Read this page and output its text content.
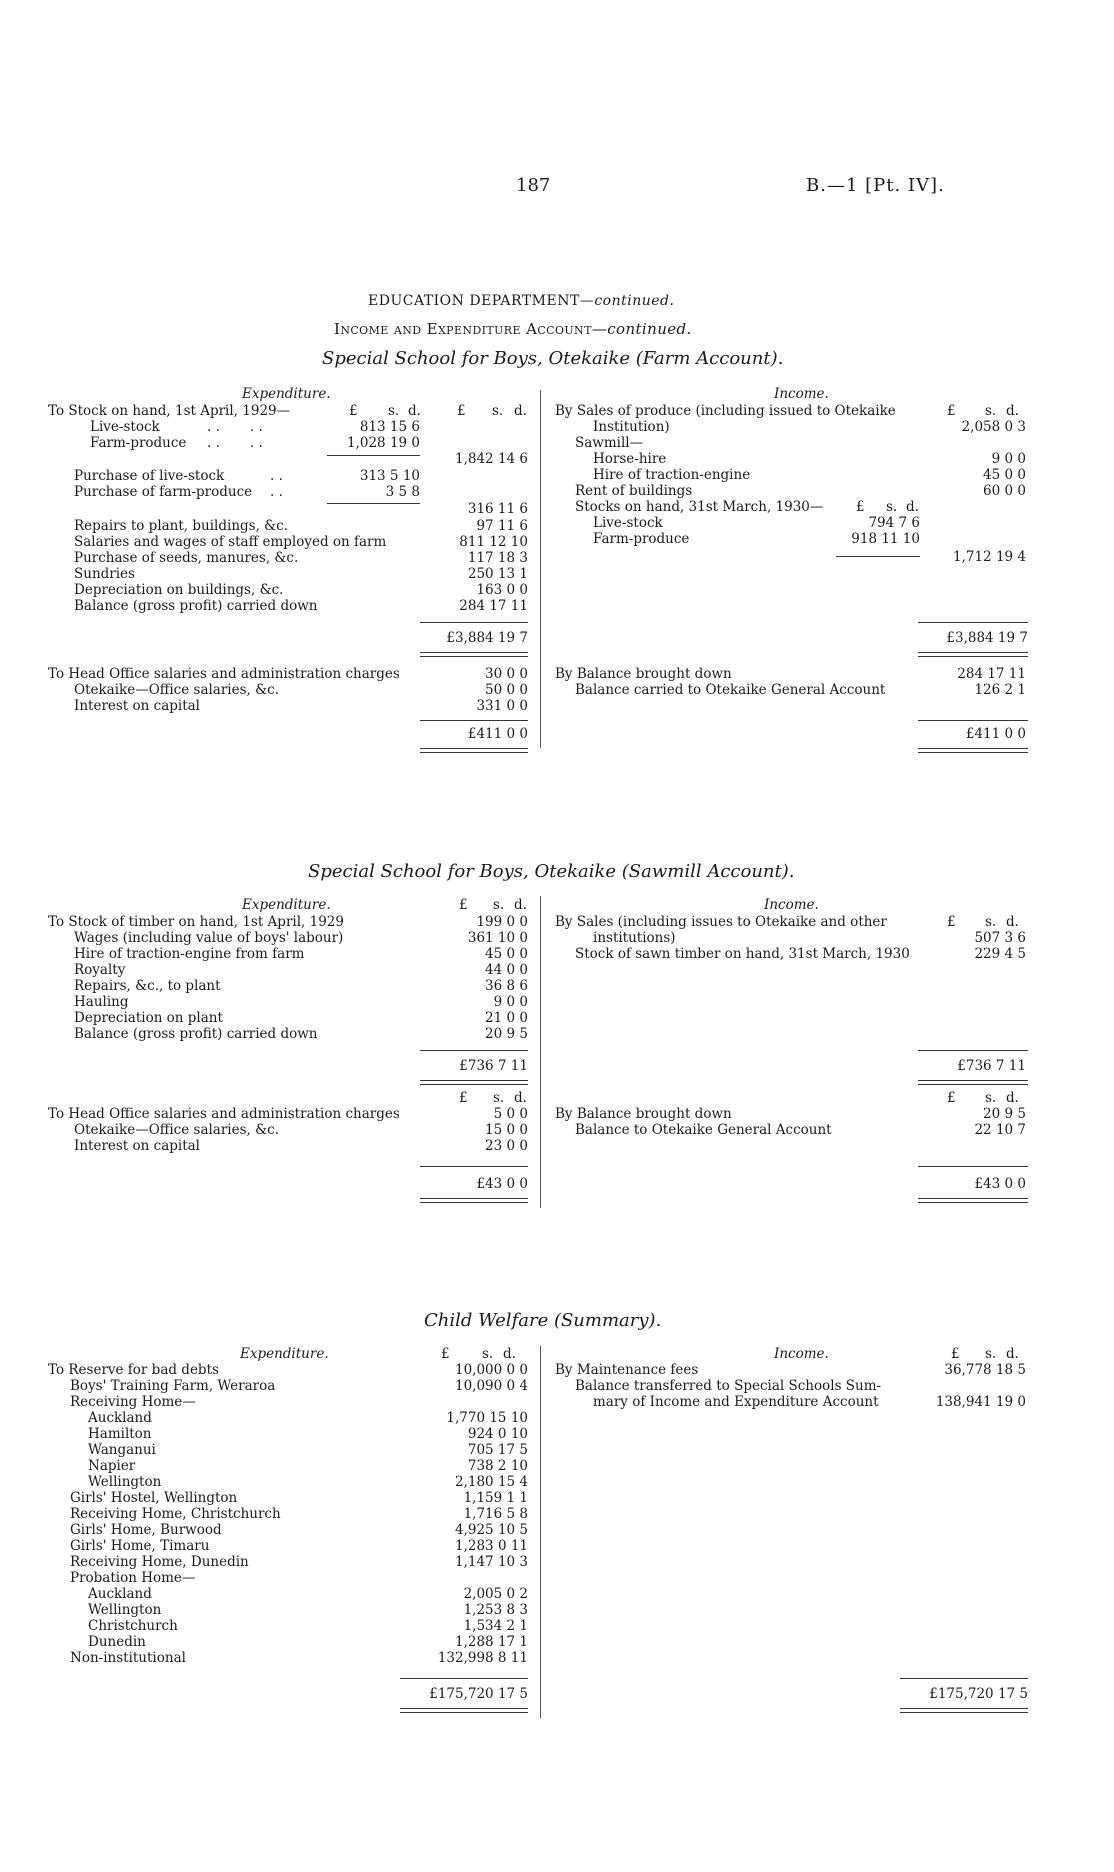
187	B.—1 [Pt. IV].
EDUCATION DEPARTMENT—continued.
Income and Expenditure Account—continued.
Special School for Boys, Otekaike (Farm Account).
Expenditure.
To Stock on hand, 1st April, 1929—	£ s. d.	£ s. d.
Live-stock	. .       . .	813 15 6
Farm-produce . .       . .	1,028 19 0
1,842 14 6
Purchase of live-stock	. .	313 5 10
Purchase of farm-produce . .	3 5 8
316 11 6
Repairs to plant, buildings, &c.	97 11 6
Salaries and wages of staff employed on farm	811 12 10
Purchase of seeds, manures, &c.	117 18 3
Sundries	250 13 1
Depreciation on buildings, &c.	163 0 0
Balance (gross profit) carried down	284 17 11
£3,884 19 7
To Head Office salaries and administration charges	30 0 0
Otekaike—Office salaries, &c.	50 0 0
Interest on capital	331 0 0
£411 0 0
Income.
By Sales of produce (including issued to Otekaike	£ s. d.
Institution)	2,058 0 3
Sawmill—
Horse-hire	9 0 0
Hire of traction-engine	45 0 0
Rent of buildings	60 0 0
Stocks on hand, 31st March, 1930— £ s. d.
Live-stock	794 7 6
Farm-produce	918 11 10
1,712 19 4
£3,884 19 7
By Balance brought down	284 17 11
Balance carried to Otekaike General Account	126 2 1
£411 0 0
Special School for Boys, Otekaike (Sawmill Account).
Expenditure.	£ s. d.
To Stock of timber on hand, 1st April, 1929	199 0 0
Wages (including value of boys' labour)	361 10 0
Hire of traction-engine from farm	45 0 0
Royalty	44 0 0
Repairs, &c., to plant	36 8 6
Hauling	9 0 0
Depreciation on plant	21 0 0
Balance (gross profit) carried down	20 9 5
£736 7 11
£ s. d.
To Head Office salaries and administration charges	5 0 0
Otekaike—Office salaries, &c.	15 0 0
Interest on capital	23 0 0
£43 0 0
Income.
By Sales (including issues to Otekaike and other	£ s. d.
institutions)	507 3 6
Stock of sawn timber on hand, 31st March, 1930	229 4 5
£736 7 11
£ s. d.
By Balance brought down	20 9 5
Balance to Otekaike General Account	22 10 7
£43 0 0
Child Welfare (Summary).
Expenditure.	£ s. d.
To Reserve for bad debts	10,000 0 0
Boys' Training Farm, Weraroa	10,090 0 4
Receiving Home—
Auckland	1,770 15 10
Hamilton	924 0 10
Wanganui	705 17 5
Napier	738 2 10
Wellington	2,180 15 4
Girls' Hostel, Wellington	1,159 1 1
Receiving Home, Christchurch	1,716 5 8
Girls' Home, Burwood	4,925 10 5
Girls' Home, Timaru	1,283 0 11
Receiving Home, Dunedin	1,147 10 3
Probation Home—
Auckland	2,005 0 2
Wellington	1,253 8 3
Christchurch	1,534 2 1
Dunedin	1,288 17 1
Non-institutional	132,998 8 11
£175,720 17 5
Income.	£ s. d.
By Maintenance fees	36,778 18 5
Balance transferred to Special Schools Sum-
mary of Income and Expenditure Account	138,941 19 0
£175,720 17 5
